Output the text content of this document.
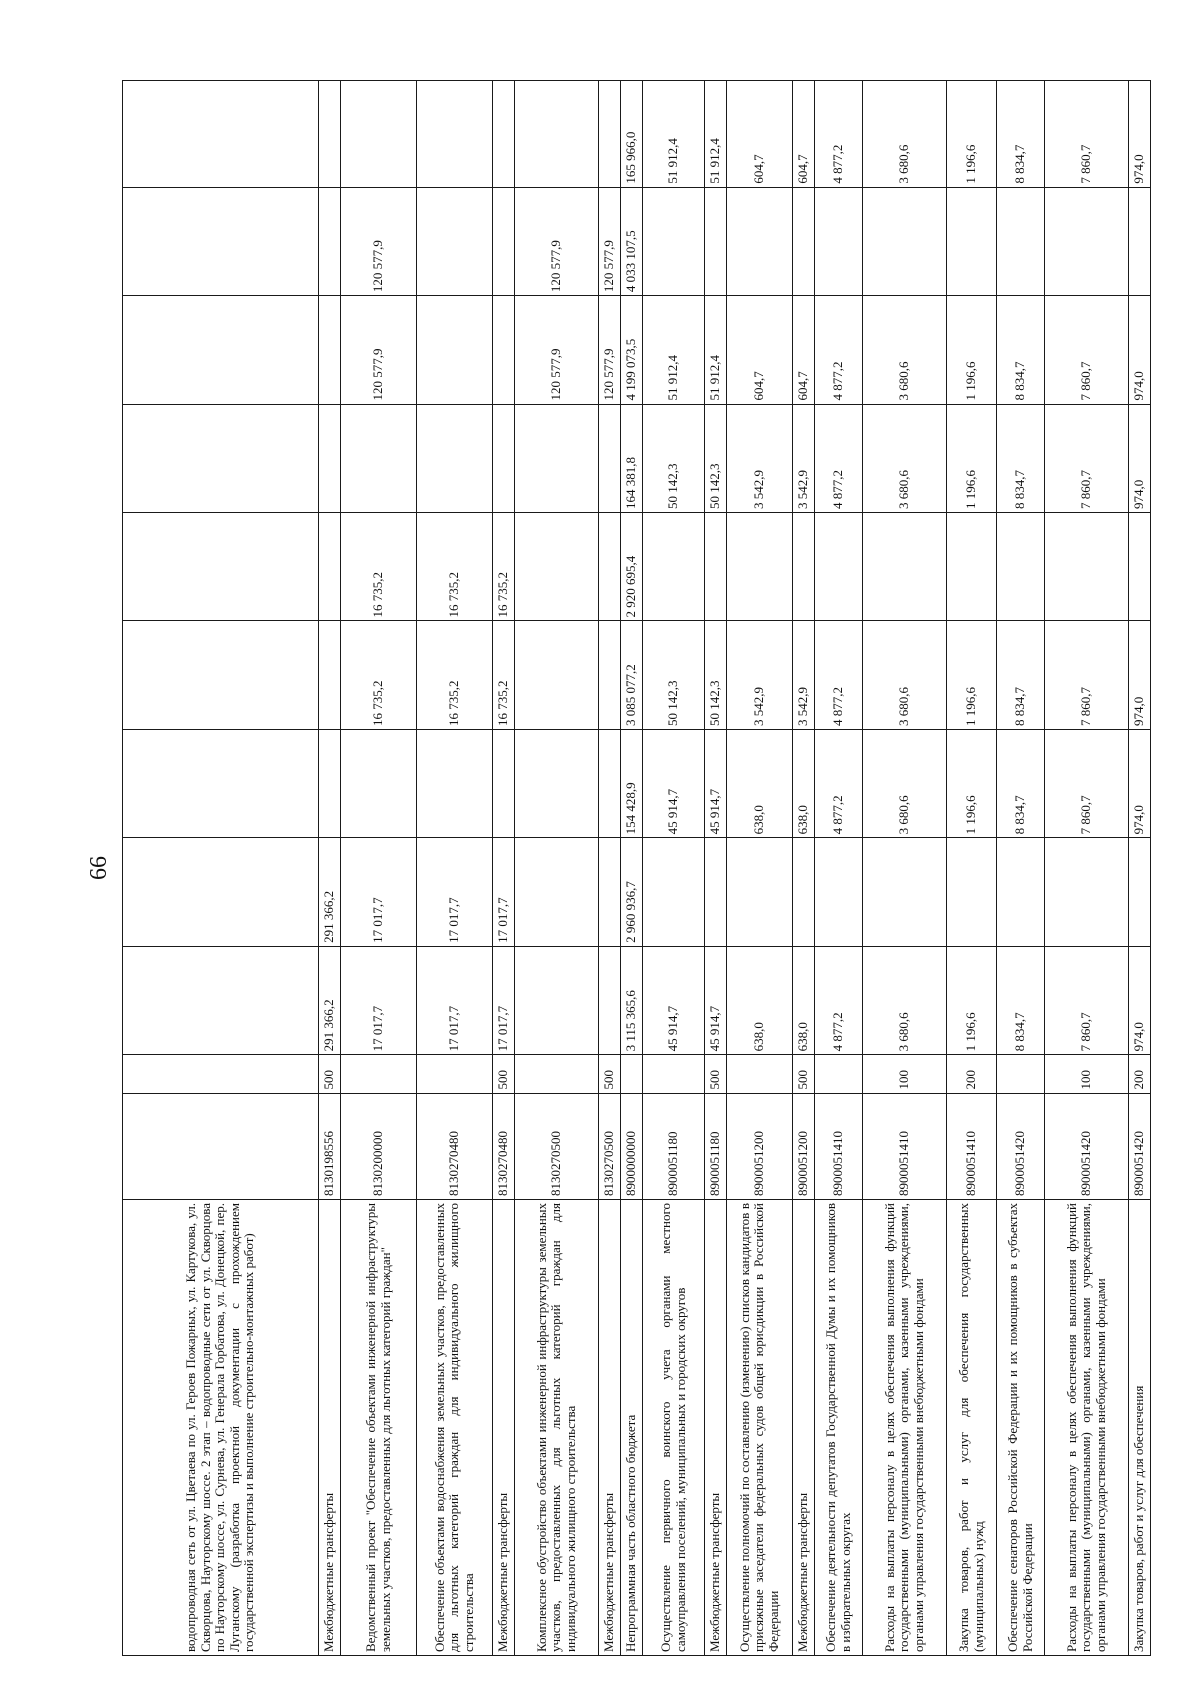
66
водопроводная сеть от ул. Цветаева по ул. Героев Пожарных, ул. Картукова, ул. Скворцова, Науторскому шоссе. 2 этап – водопроводные сети от ул. Скворцова по Науторскому шоссе, ул. Сурнева, ул. Генерала Горбатова, ул. Донецкой, пер. Луганскому (разработка проектной документации с прохождением государственной экспертизы и выполнение строительно-монтажных работ)											
Межбюджетные трансферты	8130198556	500	291 366,2	291 366,2							
Ведомственный проект "Обеспечение объектами инженерной инфраструктуры земельных участков, предоставленных для льготных категорий граждан"	8130200000		17 017,7	17 017,7		16 735,2	16 735,2		120 577,9	120 577,9	
Обеспечение объектами водоснабжения земельных участков, предоставленных для льготных категорий граждан для индивидуального жилищного строительства	8130270480		17 017,7	17 017,7		16 735,2	16 735,2				
Межбюджетные трансферты	8130270480	500	17 017,7	17 017,7		16 735,2	16 735,2				
Комплексное обустройство объектами инженерной инфраструктуры земельных участков, предоставленных для льготных категорий граждан для индивидуального жилищного строительства	8130270500								120 577,9	120 577,9	
Межбюджетные трансферты	8130270500	500							120 577,9	120 577,9	
Непрограммная часть областного бюджета	8900000000		3 115 365,6	2 960 936,7	154 428,9	3 085 077,2	2 920 695,4	164 381,8	4 199 073,5	4 033 107,5	165 966,0
Осуществление первичного воинского учета органами местного самоуправления поселений, муниципальных и городских округов	8900051180		45 914,7		45 914,7	50 142,3		50 142,3	51 912,4		51 912,4
Межбюджетные трансферты	8900051180	500	45 914,7		45 914,7	50 142,3		50 142,3	51 912,4		51 912,4
Осуществление полномочий по составлению (изменению) списков кандидатов в присяжные заседатели федеральных судов общей юрисдикции в Российской Федерации	8900051200		638,0		638,0	3 542,9		3 542,9	604,7		604,7
Межбюджетные трансферты	8900051200	500	638,0		638,0	3 542,9		3 542,9	604,7		604,7
Обеспечение деятельности депутатов Государственной Думы и их помощников в избирательных округах	8900051410		4 877,2		4 877,2	4 877,2		4 877,2	4 877,2		4 877,2
Расходы на выплаты персоналу в целях обеспечения выполнения функций государственными (муниципальными) органами, казенными учреждениями, органами управления государственными внебюджетными фондами	8900051410	100	3 680,6		3 680,6	3 680,6		3 680,6	3 680,6		3 680,6
Закупка товаров, работ и услуг для обеспечения государственных (муниципальных) нужд	8900051410	200	1 196,6		1 196,6	1 196,6		1 196,6	1 196,6		1 196,6
Обеспечение сенаторов Российской Федерации и их помощников в субъектах Российской Федерации	8900051420		8 834,7		8 834,7	8 834,7		8 834,7	8 834,7		8 834,7
Расходы на выплаты персоналу в целях обеспечения выполнения функций государственными (муниципальными) органами, казенными учреждениями, органами управления государственными внебюджетными фондами	8900051420	100	7 860,7		7 860,7	7 860,7		7 860,7	7 860,7		7 860,7
Закупка товаров, работ и услуг для обеспечения	8900051420	200	974,0		974,0	974,0		974,0	974,0		974,0
